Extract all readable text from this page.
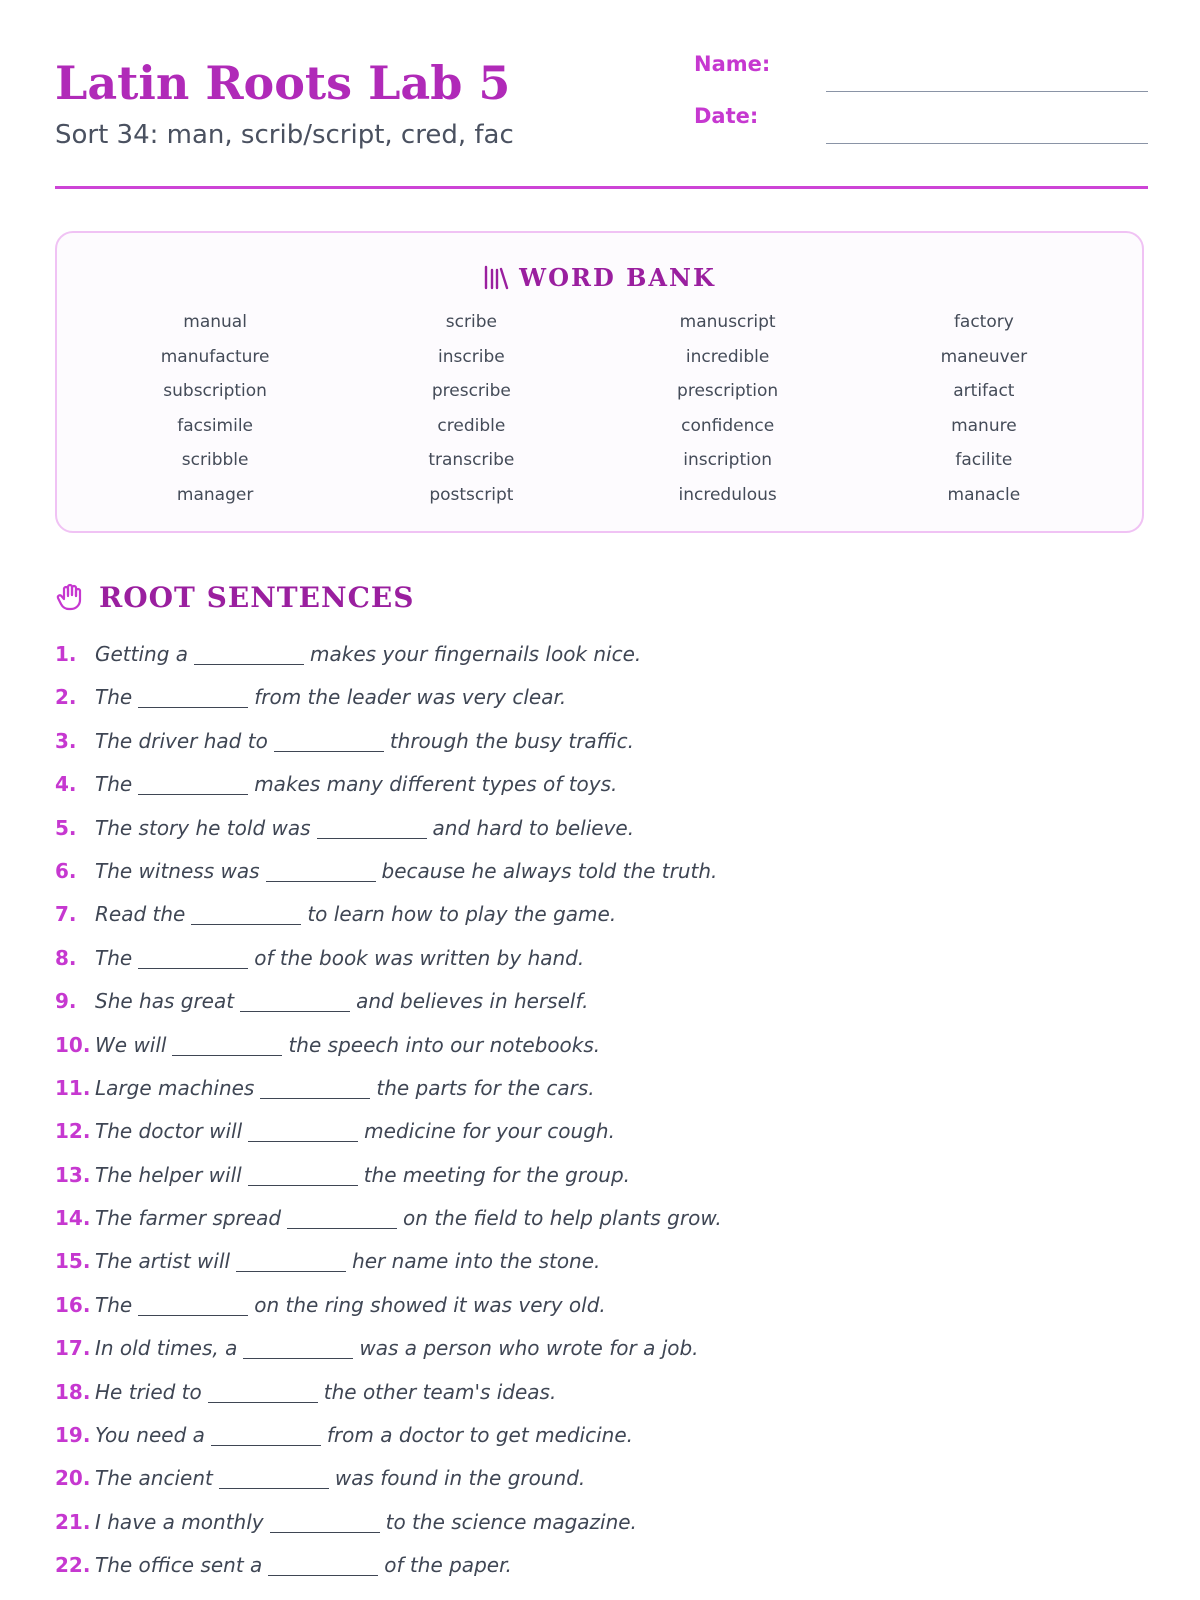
Latin Roots Lab 5

Sort 34: man, scrib/script, cred, fac

Name:
Date:
WORD BANK
manual	scribe	manuscript	factory
manufacture	inscribe	incredible	maneuver
subscription	prescribe	prescription	artifact
facsimile	credible	confidence	manure
scribble	transcribe	inscription	facilite
manager	postscript	incredulous	manacle
ROOT SENTENCES
1. Getting a	makes your fingernails look nice.
2. The	from the leader was very clear.
3. The driver had to	through the busy traffic.
4. The	makes many different types of toys.
5. The story he told was	and hard to believe.
6. The witness was	because he always told the truth.
7. Read the	to learn how to play the game.
8. The	of the book was written by hand.
9. She has great	and believes in herself.
10. We will	the speech into our notebooks.
11. Large machines	the parts for the cars.
12. The doctor will	medicine for your cough.
13. The helper will	the meeting for the group.
14. The farmer spread	on the field to help plants grow.
15. The artist will	her name into the stone.
16. The	on the ring showed it was very old.
17. In old times, a	was a person who wrote for a job.
18. He tried to	the other team's ideas.
19. You need a	from a doctor to get medicine.
20. The ancient	was found in the ground.
21. I have a monthly	to the science magazine.
22. The office sent a	of the paper.
